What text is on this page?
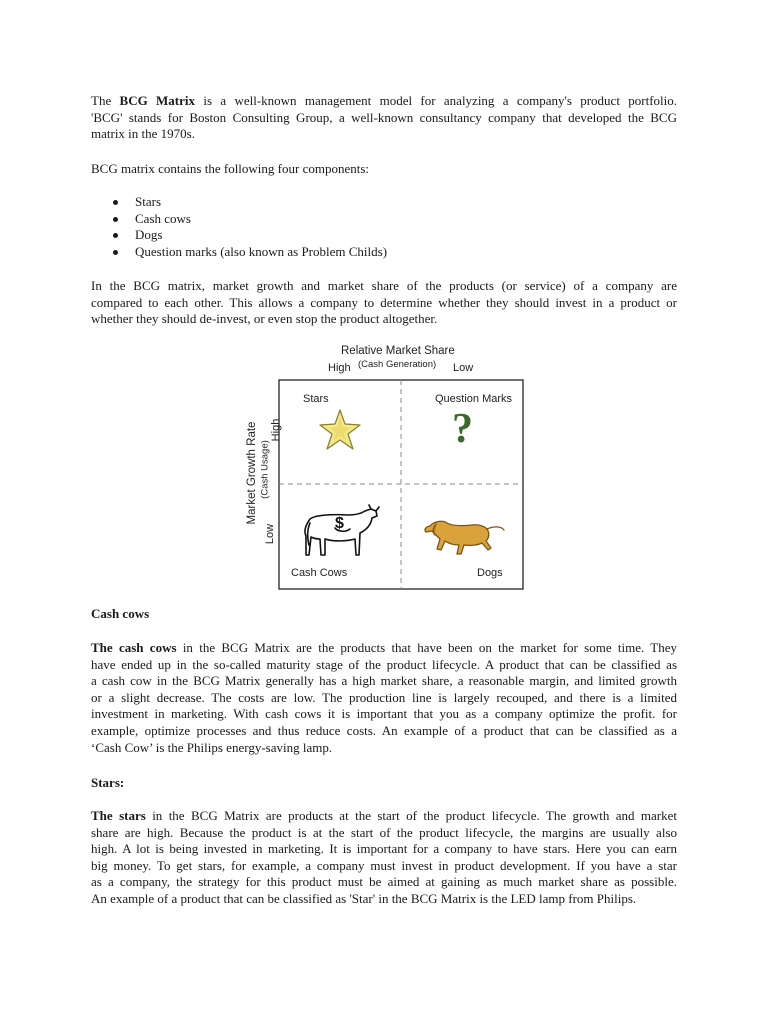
The BCG Matrix is a well-known management model for analyzing a company's product portfolio.
'BCG' stands for Boston Consulting Group, a well-known consultancy company that developed the BCG
matrix in the 1970s.
BCG matrix contains the following four components:
Stars
Cash cows
Dogs
Question marks (also known as Problem Childs)
In the BCG matrix, market growth and market share of the products (or service) of a company are
compared to each other. This allows a company to determine whether they should invest in a product or
whether they should de-invest, or even stop the product altogether.
Relative Market Share
High (Cash Generation) Low
Market Growth Rate (Cash Usage)
High
Low
Stars	Question Marks
Cash Cows	Dogs
?
$
Cash cows
The cash cows in the BCG Matrix are the products that have been on the market for some time. They
have ended up in the so-called maturity stage of the product lifecycle. A product that can be classified as
a cash cow in the BCG Matrix generally has a high market share, a reasonable margin, and limited growth
or a slight decrease. The costs are low. The production line is largely recouped, and there is a limited
investment in marketing. With cash cows it is important that you as a company optimize the profit. for
example, optimize processes and thus reduce costs. An example of a product that can be classified as a
‘Cash Cow’ is the Philips energy-saving lamp.
Stars:
The stars in the BCG Matrix are products at the start of the product lifecycle. The growth and market
share are high. Because the product is at the start of the product lifecycle, the margins are usually also
high. A lot is being invested in marketing. It is important for a company to have stars. Here you can earn
big money. To get stars, for example, a company must invest in product development. If you have a star
as a company, the strategy for this product must be aimed at gaining as much market share as possible.
An example of a product that can be classified as 'Star' in the BCG Matrix is the LED lamp from Philips.
